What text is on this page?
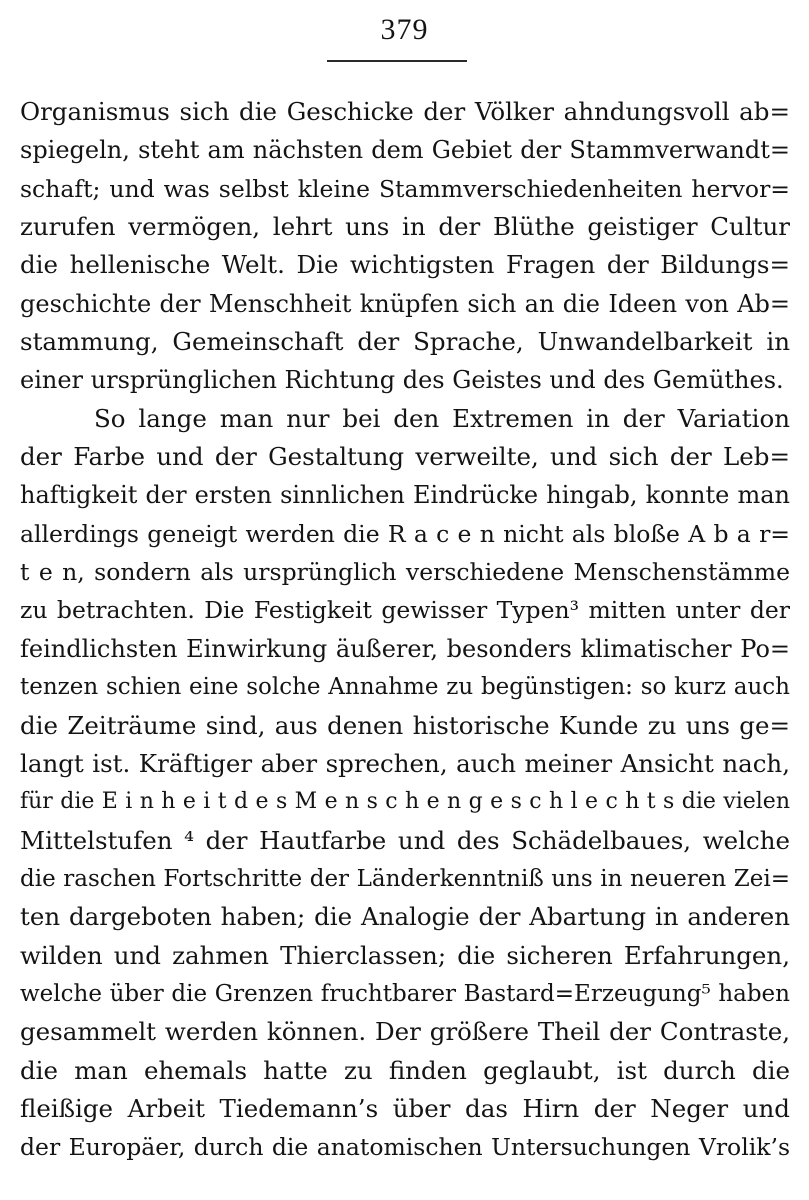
379
Organismus sich die Geschicke der Völker ahndungsvoll ab=
spiegeln, steht am nächsten dem Gebiet der Stammverwandt=
schaft; und was selbst kleine Stammverschiedenheiten hervor=
zurufen vermögen, lehrt uns in der Blüthe geistiger Cultur
die hellenische Welt. Die wichtigsten Fragen der Bildungs=
geschichte der Menschheit knüpfen sich an die Ideen von Ab=
stammung, Gemeinschaft der Sprache, Unwandelbarkeit in
einer ursprünglichen Richtung des Geistes und des Gemüthes.
So lange man nur bei den Extremen in der Variation
der Farbe und der Gestaltung verweilte, und sich der Leb=
haftigkeit der ersten sinnlichen Eindrücke hingab, konnte man
allerdings geneigt werden die R a c e n nicht als bloße A b a r=
t e n, sondern als ursprünglich verschiedene Menschenstämme
zu betrachten. Die Festigkeit gewisser Typen³ mitten unter der
feindlichsten Einwirkung äußerer, besonders klimatischer Po=
tenzen schien eine solche Annahme zu begünstigen: so kurz auch
die Zeiträume sind, aus denen historische Kunde zu uns ge=
langt ist. Kräftiger aber sprechen, auch meiner Ansicht nach,
für die E i n h e i t d e s M e n s c h e n g e s c h l e c h t s die vielen
Mittelstufen ⁴ der Hautfarbe und des Schädelbaues, welche
die raschen Fortschritte der Länderkenntniß uns in neueren Zei=
ten dargeboten haben; die Analogie der Abartung in anderen
wilden und zahmen Thierclassen; die sicheren Erfahrungen,
welche über die Grenzen fruchtbarer Bastard=Erzeugung⁵ haben
gesammelt werden können. Der größere Theil der Contraste,
die man ehemals hatte zu finden geglaubt, ist durch die
fleißige Arbeit Tiedemann’s über das Hirn der Neger und
der Europäer, durch die anatomischen Untersuchungen Vrolik’s
